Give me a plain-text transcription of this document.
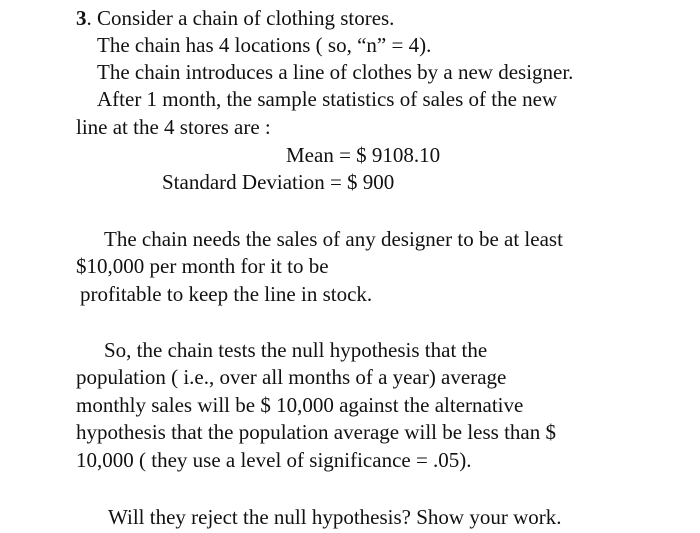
3. Consider a chain of clothing stores.
The chain has 4 locations ( so, “n” = 4).
The chain introduces a line of clothes by a new designer.
After 1 month, the sample statistics of sales of the new
line at the 4 stores are :
Mean = $ 9108.10
Standard Deviation = $ 900
The chain needs the sales of any designer to be at least
$10,000 per month for it to be
profitable to keep the line in stock.
So, the chain tests the null hypothesis that the
population ( i.e., over all months of a year) average
monthly sales will be $ 10,000 against the alternative
hypothesis that the population average will be less than $
10,000 ( they use a level of significance = .05).
Will they reject the null hypothesis? Show your work.
